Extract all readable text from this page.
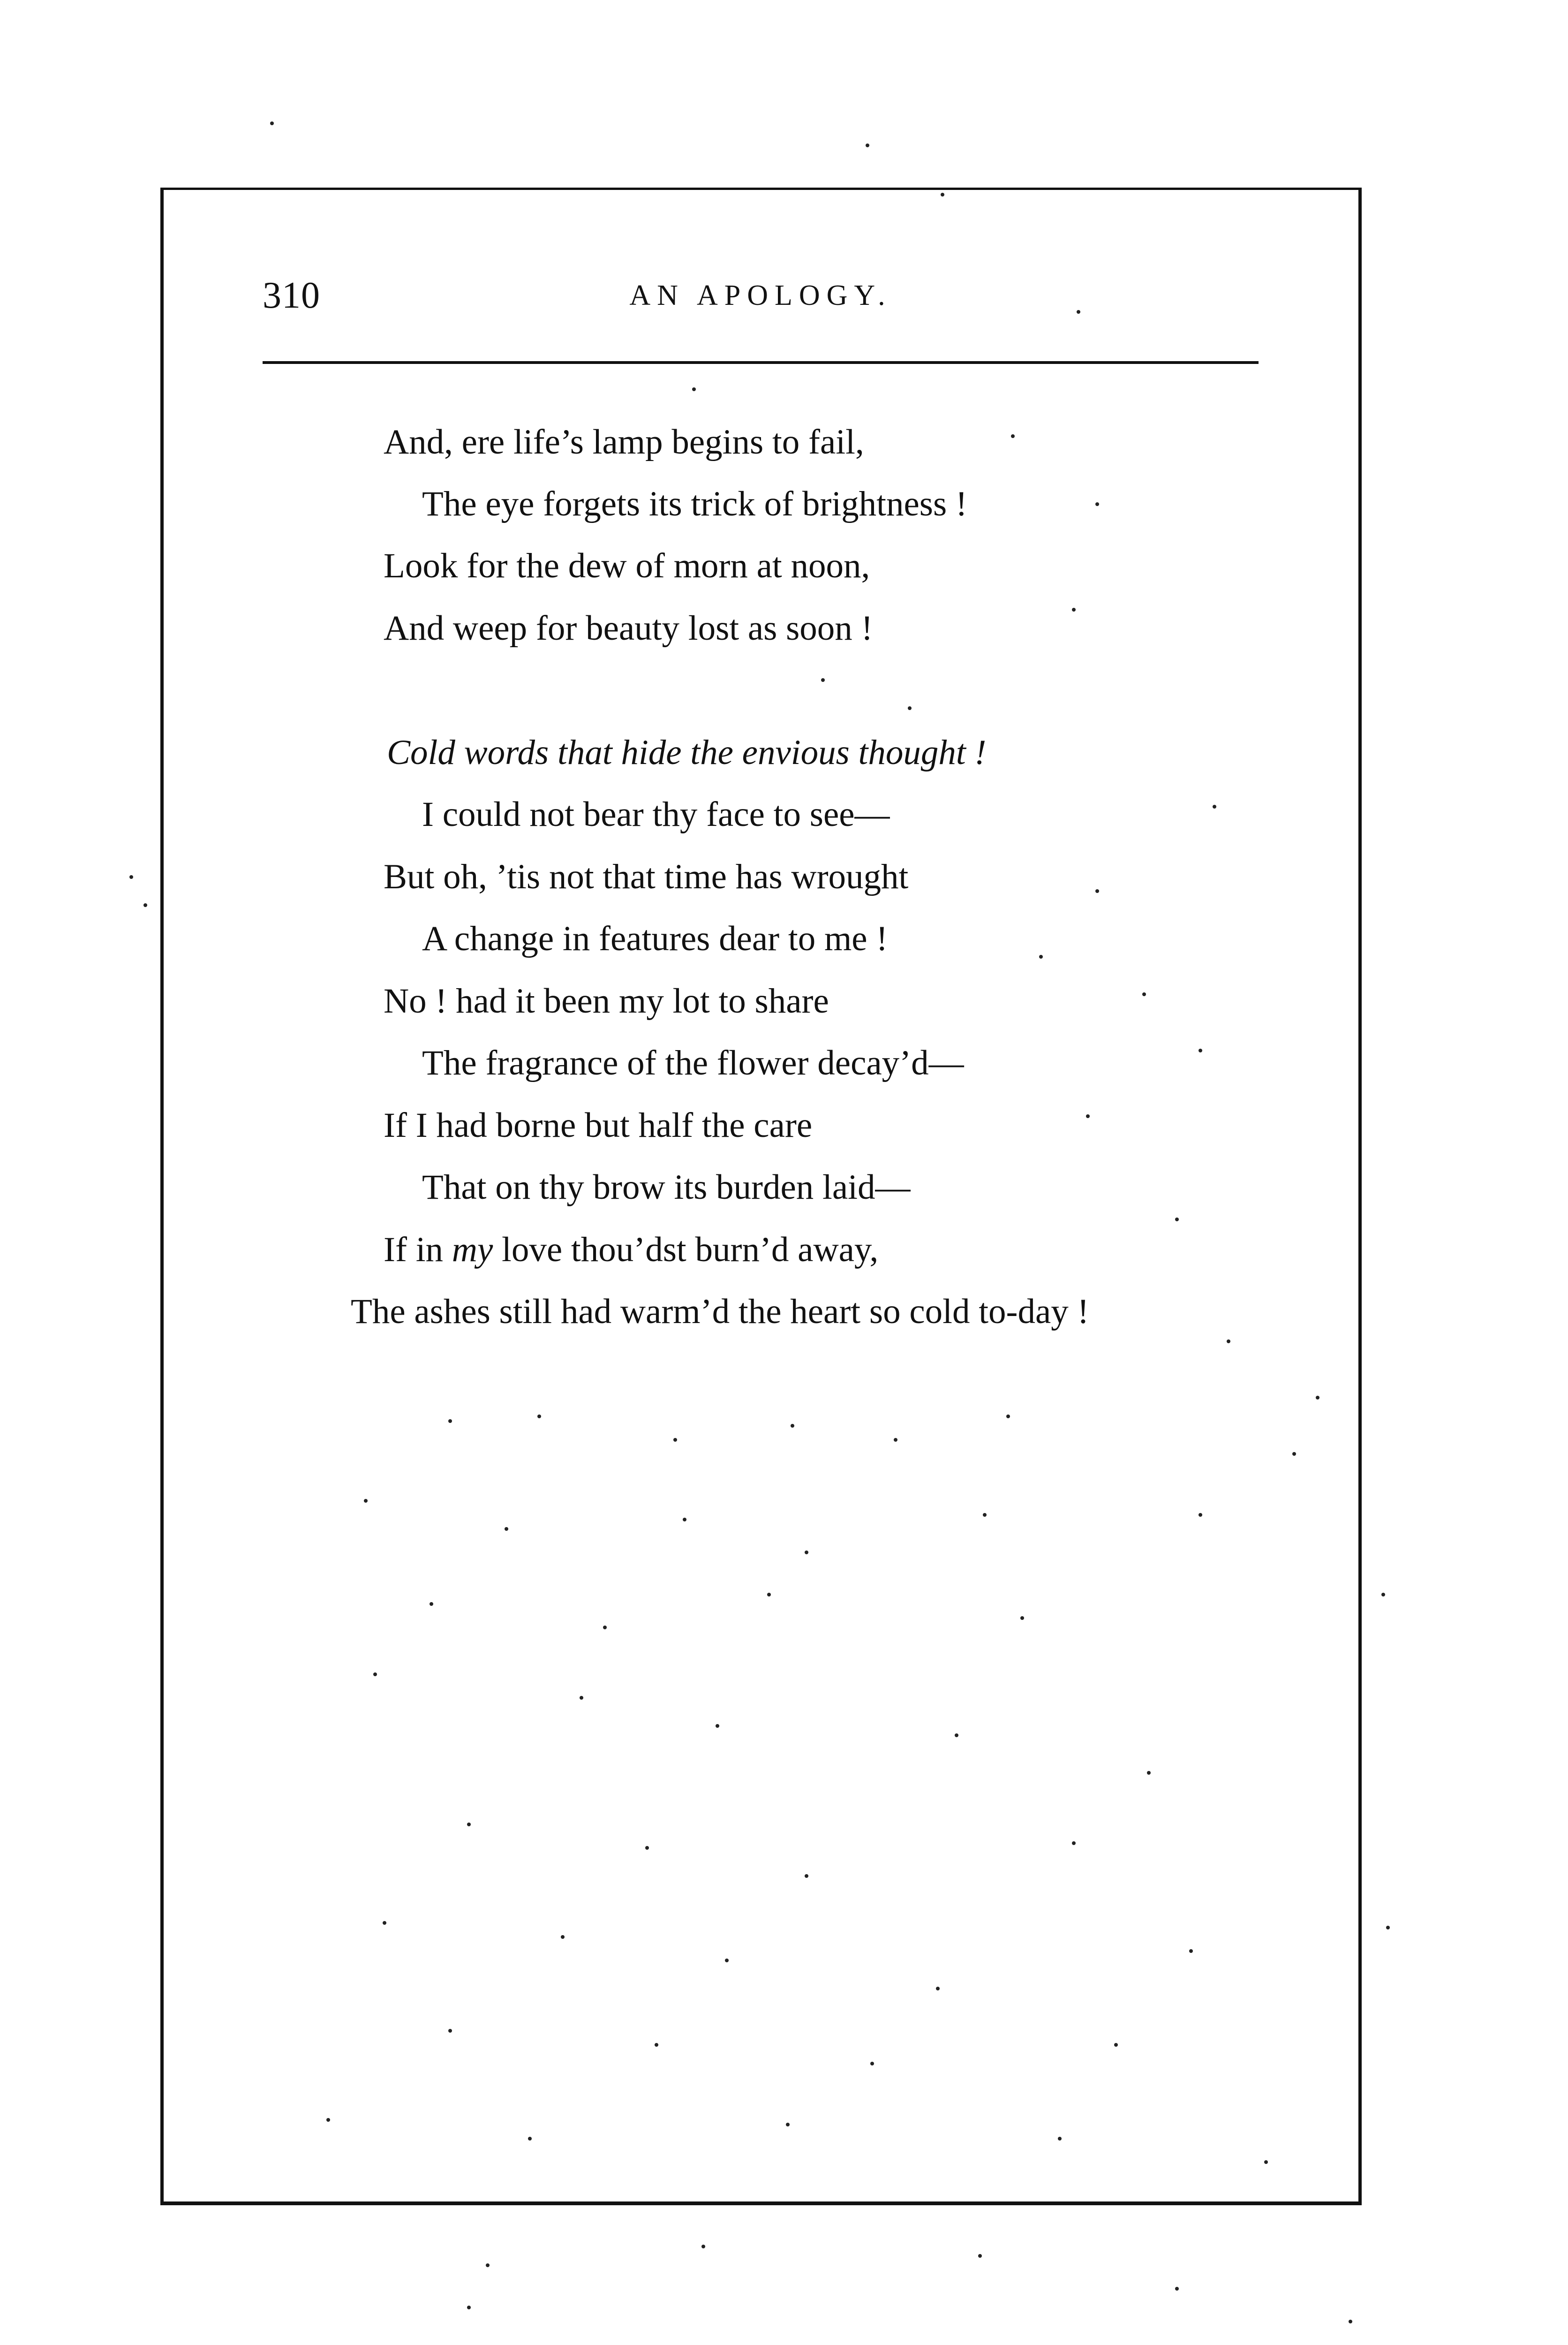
310	AN APOLOGY.
And, ere life’s lamp begins to fail,
The eye forgets its trick of brightness !
Look for the dew of morn at noon,
And weep for beauty lost as soon !
Cold words that hide the envious thought !
I could not bear thy face to see—
But oh, ’tis not that time has wrought
A change in features dear to me !
No ! had it been my lot to share
The fragrance of the flower decay’d—
If I had borne but half the care
That on thy brow its burden laid—
If in my love thou’dst burn’d away,
The ashes still had warm’d the heart so cold to-day !
